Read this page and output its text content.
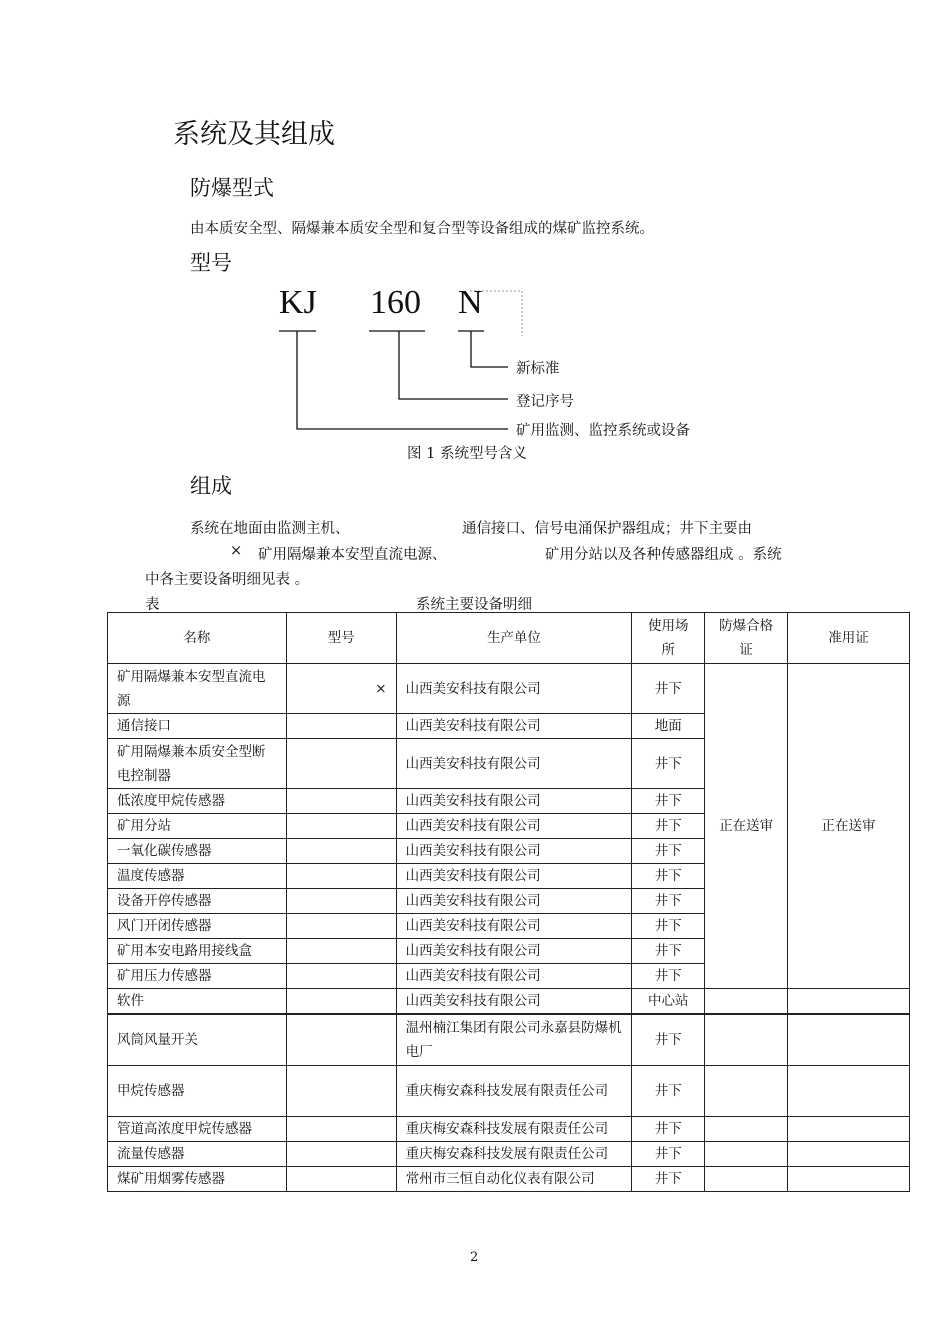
系统及其组成
防爆型式
由本质安全型、隔爆兼本质安全型和复合型等设备组成的煤矿监控系统。
型号
KJ 160 N
新标准
登记序号
矿用监测、监控系统或设备
图 1 系统型号含义
组成
系统在地面由监测主机、	通信接口、信号电涌保护器组成；井下主要由
× 矿用隔爆兼本安型直流电源、	矿用分站以及各种传感器组成 。系统
中各主要设备明细见表 。
表	系统主要设备明细
名称	型号	生产单位	使用场所	防爆合格证	准用证
矿用隔爆兼本安型直流电源	×	山西美安科技有限公司	井下	正在送审	正在送审
通信接口		山西美安科技有限公司	地面		
矿用隔爆兼本质安全型断电控制器		山西美安科技有限公司	井下		
低浓度甲烷传感器		山西美安科技有限公司	井下		
矿用分站		山西美安科技有限公司	井下		
一氧化碳传感器		山西美安科技有限公司	井下		
温度传感器		山西美安科技有限公司	井下		
设备开停传感器		山西美安科技有限公司	井下		
风门开闭传感器		山西美安科技有限公司	井下		
矿用本安电路用接线盒		山西美安科技有限公司	井下		
矿用压力传感器		山西美安科技有限公司	井下		
软件		山西美安科技有限公司	中心站		
风筒风量开关		温州楠江集团有限公司永嘉县防爆机电厂	井下		
甲烷传感器		重庆梅安森科技发展有限责任公司	井下		
管道高浓度甲烷传感器		重庆梅安森科技发展有限责任公司	井下		
流量传感器		重庆梅安森科技发展有限责任公司	井下		
煤矿用烟雾传感器		常州市三恒自动化仪表有限公司	井下		
2
